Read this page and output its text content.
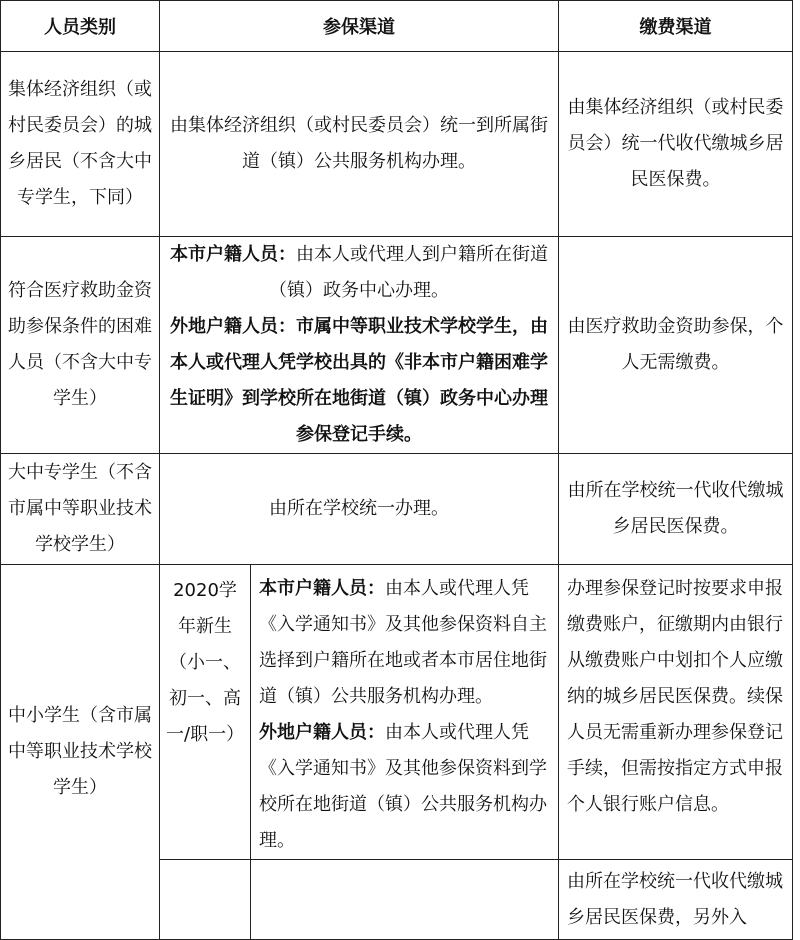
人员类别	参保渠道		缴费渠道

集体经济组织（或村民委员会）的城乡居民（不含大中专学生，下同）	由集体经济组织（或村民委员会）统一到所属街道（镇）公共服务机构办理。		由集体经济组织（或村民委员会）统一代收代缴城乡居民医保费。

符合医疗救助金资助参保条件的困难人员（不含大中专学生）	本市户籍人员：由本人或代理人到户籍所在街道（镇）政务中心办理。
外地户籍人员：市属中等职业技术学校学生，由本人或代理人凭学校出具的《非本市户籍困难学生证明》到学校所在地街道（镇）政务中心办理参保登记手续。		由医疗救助金资助参保，个人无需缴费。

大中专学生（不含市属中等职业技术学校学生）	由所在学校统一办理。		由所在学校统一代收代缴城乡居民医保费。

中小学生（含市属中等职业技术学校学生）	2020学年新生（小一、初一、高一/职一）	本市户籍人员：由本人或代理人凭《入学通知书》及其他参保资料自主选择到户籍所在地或者本市居住地街道（镇）公共服务机构办理。
外地户籍人员：由本人或代理人凭《入学通知书》及其他参保资料到学校所在地街道（镇）公共服务机构办理。	办理参保登记时按要求申报缴费账户，征缴期内由银行从缴费账户中划扣个人应缴纳的城乡居民医保费。续保人员无需重新办理参保登记手续，但需按指定方式申报个人银行账户信息。

			由所在学校统一代收代缴城乡居民医保费，另外入
